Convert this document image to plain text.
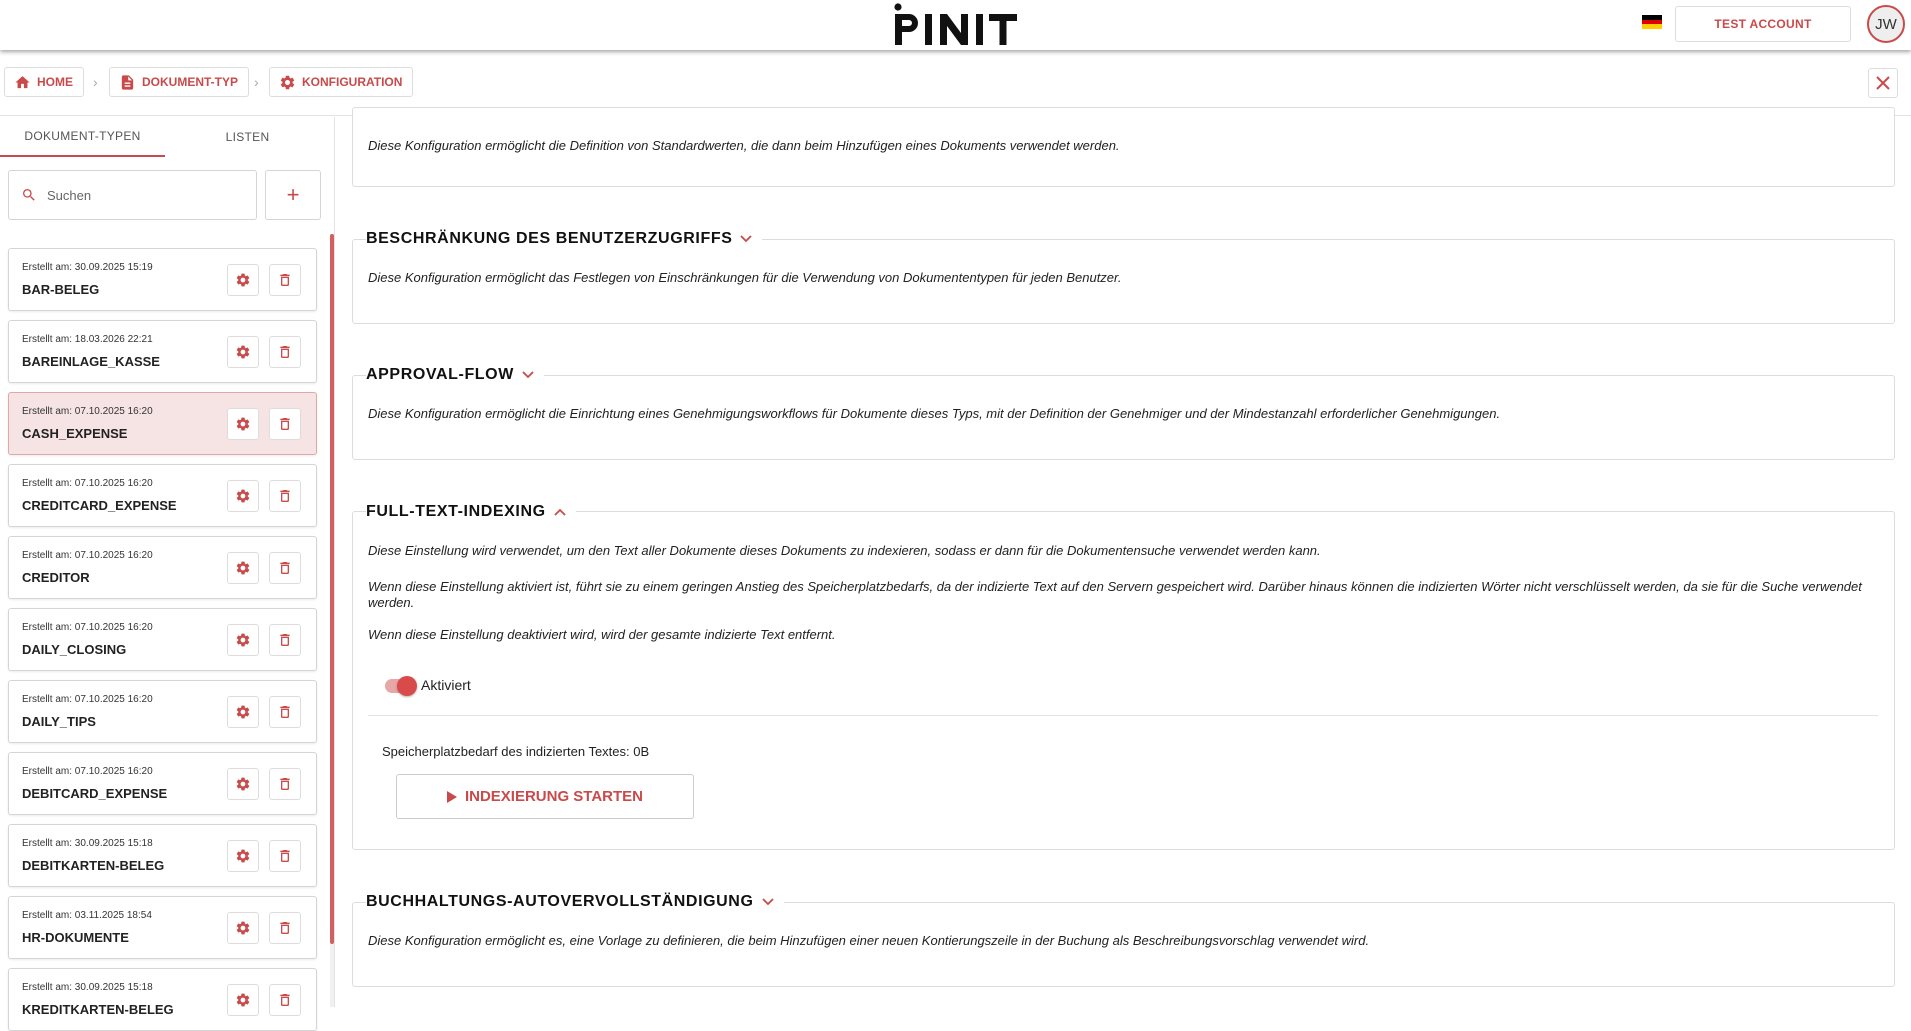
TEST ACCOUNT	JW
HOME ›	DOKUMENT-TYP ›	KONFIGURATION
DOKUMENT-TYPEN	LISTEN
Suchen	+
Erstellt am: 30.09.2025 15:19
BAR-BELEG
Erstellt am: 18.03.2026 22:21
BAREINLAGE_KASSE
Erstellt am: 07.10.2025 16:20
CASH_EXPENSE
Erstellt am: 07.10.2025 16:20
CREDITCARD_EXPENSE
Erstellt am: 07.10.2025 16:20
CREDITOR
Erstellt am: 07.10.2025 16:20
DAILY_CLOSING
Erstellt am: 07.10.2025 16:20
DAILY_TIPS
Erstellt am: 07.10.2025 16:20
DEBITCARD_EXPENSE
Erstellt am: 30.09.2025 15:18
DEBITKARTEN-BELEG
Erstellt am: 03.11.2025 18:54
HR-DOKUMENTE
Erstellt am: 30.09.2025 15:18
KREDITKARTEN-BELEG
Diese Konfiguration ermöglicht die Definition von Standardwerten, die dann beim Hinzufügen eines Dokuments verwendet werden.
Diese Konfiguration ermöglicht das Festlegen von Einschränkungen für die Verwendung von Dokumententypen für jeden Benutzer.
BESCHRÄNKUNG DES BENUTZERZUGRIFFS
Diese Konfiguration ermöglicht die Einrichtung eines Genehmigungsworkflows für Dokumente dieses Typs, mit der Definition der Genehmiger und der Mindestanzahl erforderlicher Genehmigungen.
APPROVAL-FLOW
Diese Einstellung wird verwendet, um den Text aller Dokumente dieses Dokuments zu indexieren, sodass er dann für die Dokumentensuche verwendet werden kann.
Wenn diese Einstellung aktiviert ist, führt sie zu einem geringen Anstieg des Speicherplatzbedarfs, da der indizierte Text auf den Servern gespeichert wird. Darüber hinaus können die indizierten Wörter nicht verschlüsselt werden, da sie für die Suche verwendet werden.
Wenn diese Einstellung deaktiviert wird, wird der gesamte indizierte Text entfernt.
Aktiviert
Speicherplatzbedarf des indizierten Textes: 0B
INDEXIERUNG STARTEN
FULL-TEXT-INDEXING
Diese Konfiguration ermöglicht es, eine Vorlage zu definieren, die beim Hinzufügen einer neuen Kontierungszeile in der Buchung als Beschreibungsvorschlag verwendet wird.
BUCHHALTUNGS-AUTOVERVOLLSTÄNDIGUNG
